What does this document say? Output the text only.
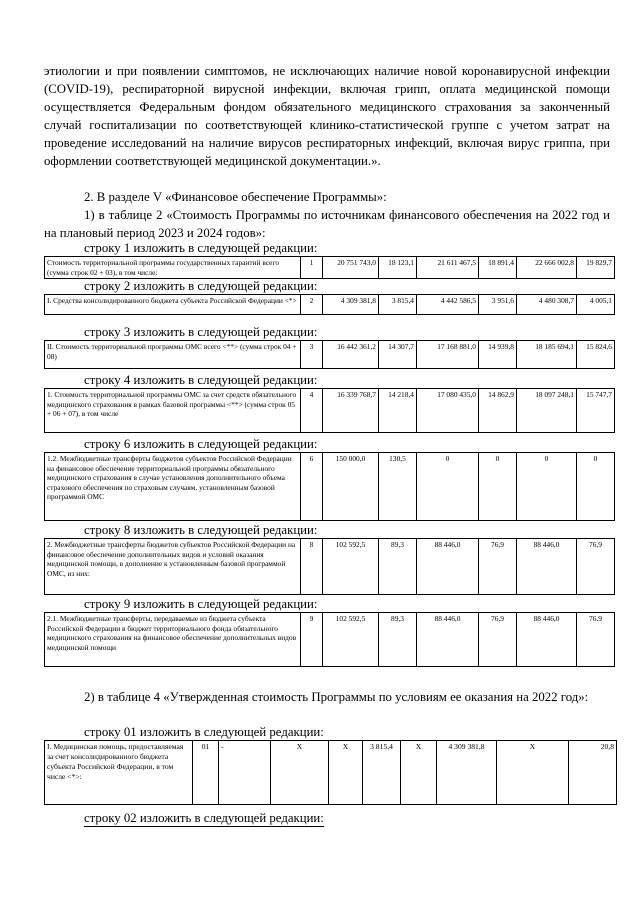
этиологии и при появлении симптомов, не исключающих наличие новой коронавирусной инфекции (COVID-19), респираторной вирусной инфекции, включая грипп, оплата медицинской помощи осуществляется Федеральным фондом обязательного медицинского страхования за законченный случай госпитализации по соответствующей клинико-статистической группе с учетом затрат на проведение исследований на наличие вирусов респираторных инфекций, включая вирус гриппа, при оформлении соответствующей медицинской документации.».

2. В разделе V «Финансовое обеспечение Программы»:

1) в таблице 2 «Стоимость Программы по источникам финансового обеспечения на 2022 год и на плановый период 2023 и 2024 годов»:

строку 1 изложить в следующей редакции:
Стоимость территориальной программы государственных гарантий всего (сумма строк 02 + 03), в том числе:	1	20 751 743,0	18 123,1	21 611 467,5	18 891,4	22 666 002,8	19 829,7
строку 2 изложить в следующей редакции:
I. Средства консолидированного бюджета субъекта Российской Федерации <*>	2	4 309 381,8	3 815,4	4 442 586,5	3 951,6	4 480 308,7	4 005,1
строку 3 изложить в следующей редакции:
II. Стоимость территориальной программы ОМС всего <**> (сумма строк 04 + 08)	3	16 442 361,2	14 307,7	17 168 881,0	14 939,8	18 185 694,1	15 824,6
строку 4 изложить в следующей редакции:
1. Стоимость территориальной программы ОМС за счет средств обязательного медицинского страхования в рамках базовой программы <**> (сумма строк 05 + 06 + 07), в том числе	4	16 339 768,7	14 218,4	17 080 435,0	14 862,9	18 097 248,1	15 747,7
строку 6 изложить в следующей редакции:
1.2. Межбюджетные трансферты бюджетов субъектов Российской Федерации на финансовое обеспечение территориальной программы обязательного медицинского страхования в случае установления дополнительного объема страхового обеспечения по страховым случаям, установленным базовой программой ОМС	6	150 000,0	130,5	0	0	0	0
строку 8 изложить в следующей редакции:
2. Межбюджетные трансферты бюджетов субъектов Российской Федерации на финансовое обеспечение дополнительных видов и условий оказания медицинской помощи, в дополнение к установленным базовой программой ОМС, из них:	8	102 592,5	89,3	88 446,0	76,9	88 446,0	76,9
строку 9 изложить в следующей редакции:
2.1. Межбюджетные трансферты, передаваемые из бюджета субъекта Российской Федерации в бюджет территориального фонда обязательного медицинского страхования на финансовое обеспечение дополнительных видов медицинской помощи	9	102 592,5	89,3	88 446,0	76,9	88 446,0	76,9

2) в таблице 4 «Утвержденная стоимость Программы по условиям ее оказания на 2022 год»:

строку 01 изложить в следующей редакции:
I. Медицинская помощь, предоставляемая за счет консолидированного бюджета субъекта Российской Федерации, в том числе <*>:	01	-	X	X	3 815,4	X	4 309 381,8	X	20,8
строку 02 изложить в следующей редакции:
